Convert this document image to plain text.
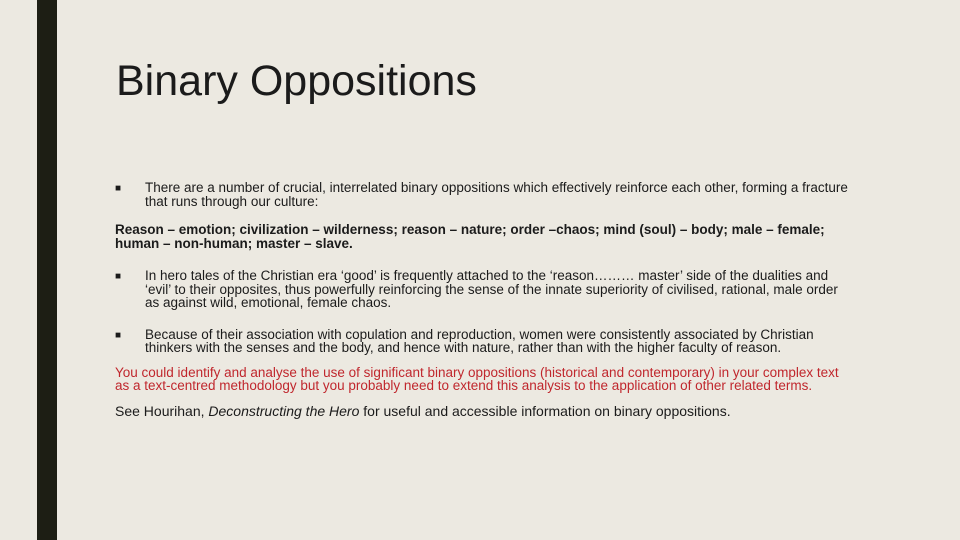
Binary Oppositions
■	There are a number of crucial, interrelated binary oppositions which effectively reinforce each other, forming a fracture that runs through our culture:
Reason – emotion; civilization – wilderness; reason – nature; order –chaos; mind (soul) – body; male – female; human – non-human; master – slave.
■	In hero tales of the Christian era ‘good’ is frequently attached to the ‘reason……… master’ side of the dualities and ‘evil’ to their opposites, thus powerfully reinforcing the sense of the innate superiority of civilised, rational, male order as against wild, emotional, female chaos.
■	Because of their association with copulation and reproduction, women were consistently associated by Christian thinkers with the senses and the body, and hence with nature, rather than with the higher faculty of reason.
You could identify and analyse the use of significant binary oppositions (historical and contemporary) in your complex text as a text-centred methodology but you probably need to extend this analysis to the application of other related terms.
See Hourihan, Deconstructing the Hero for useful and accessible information on binary oppositions.
